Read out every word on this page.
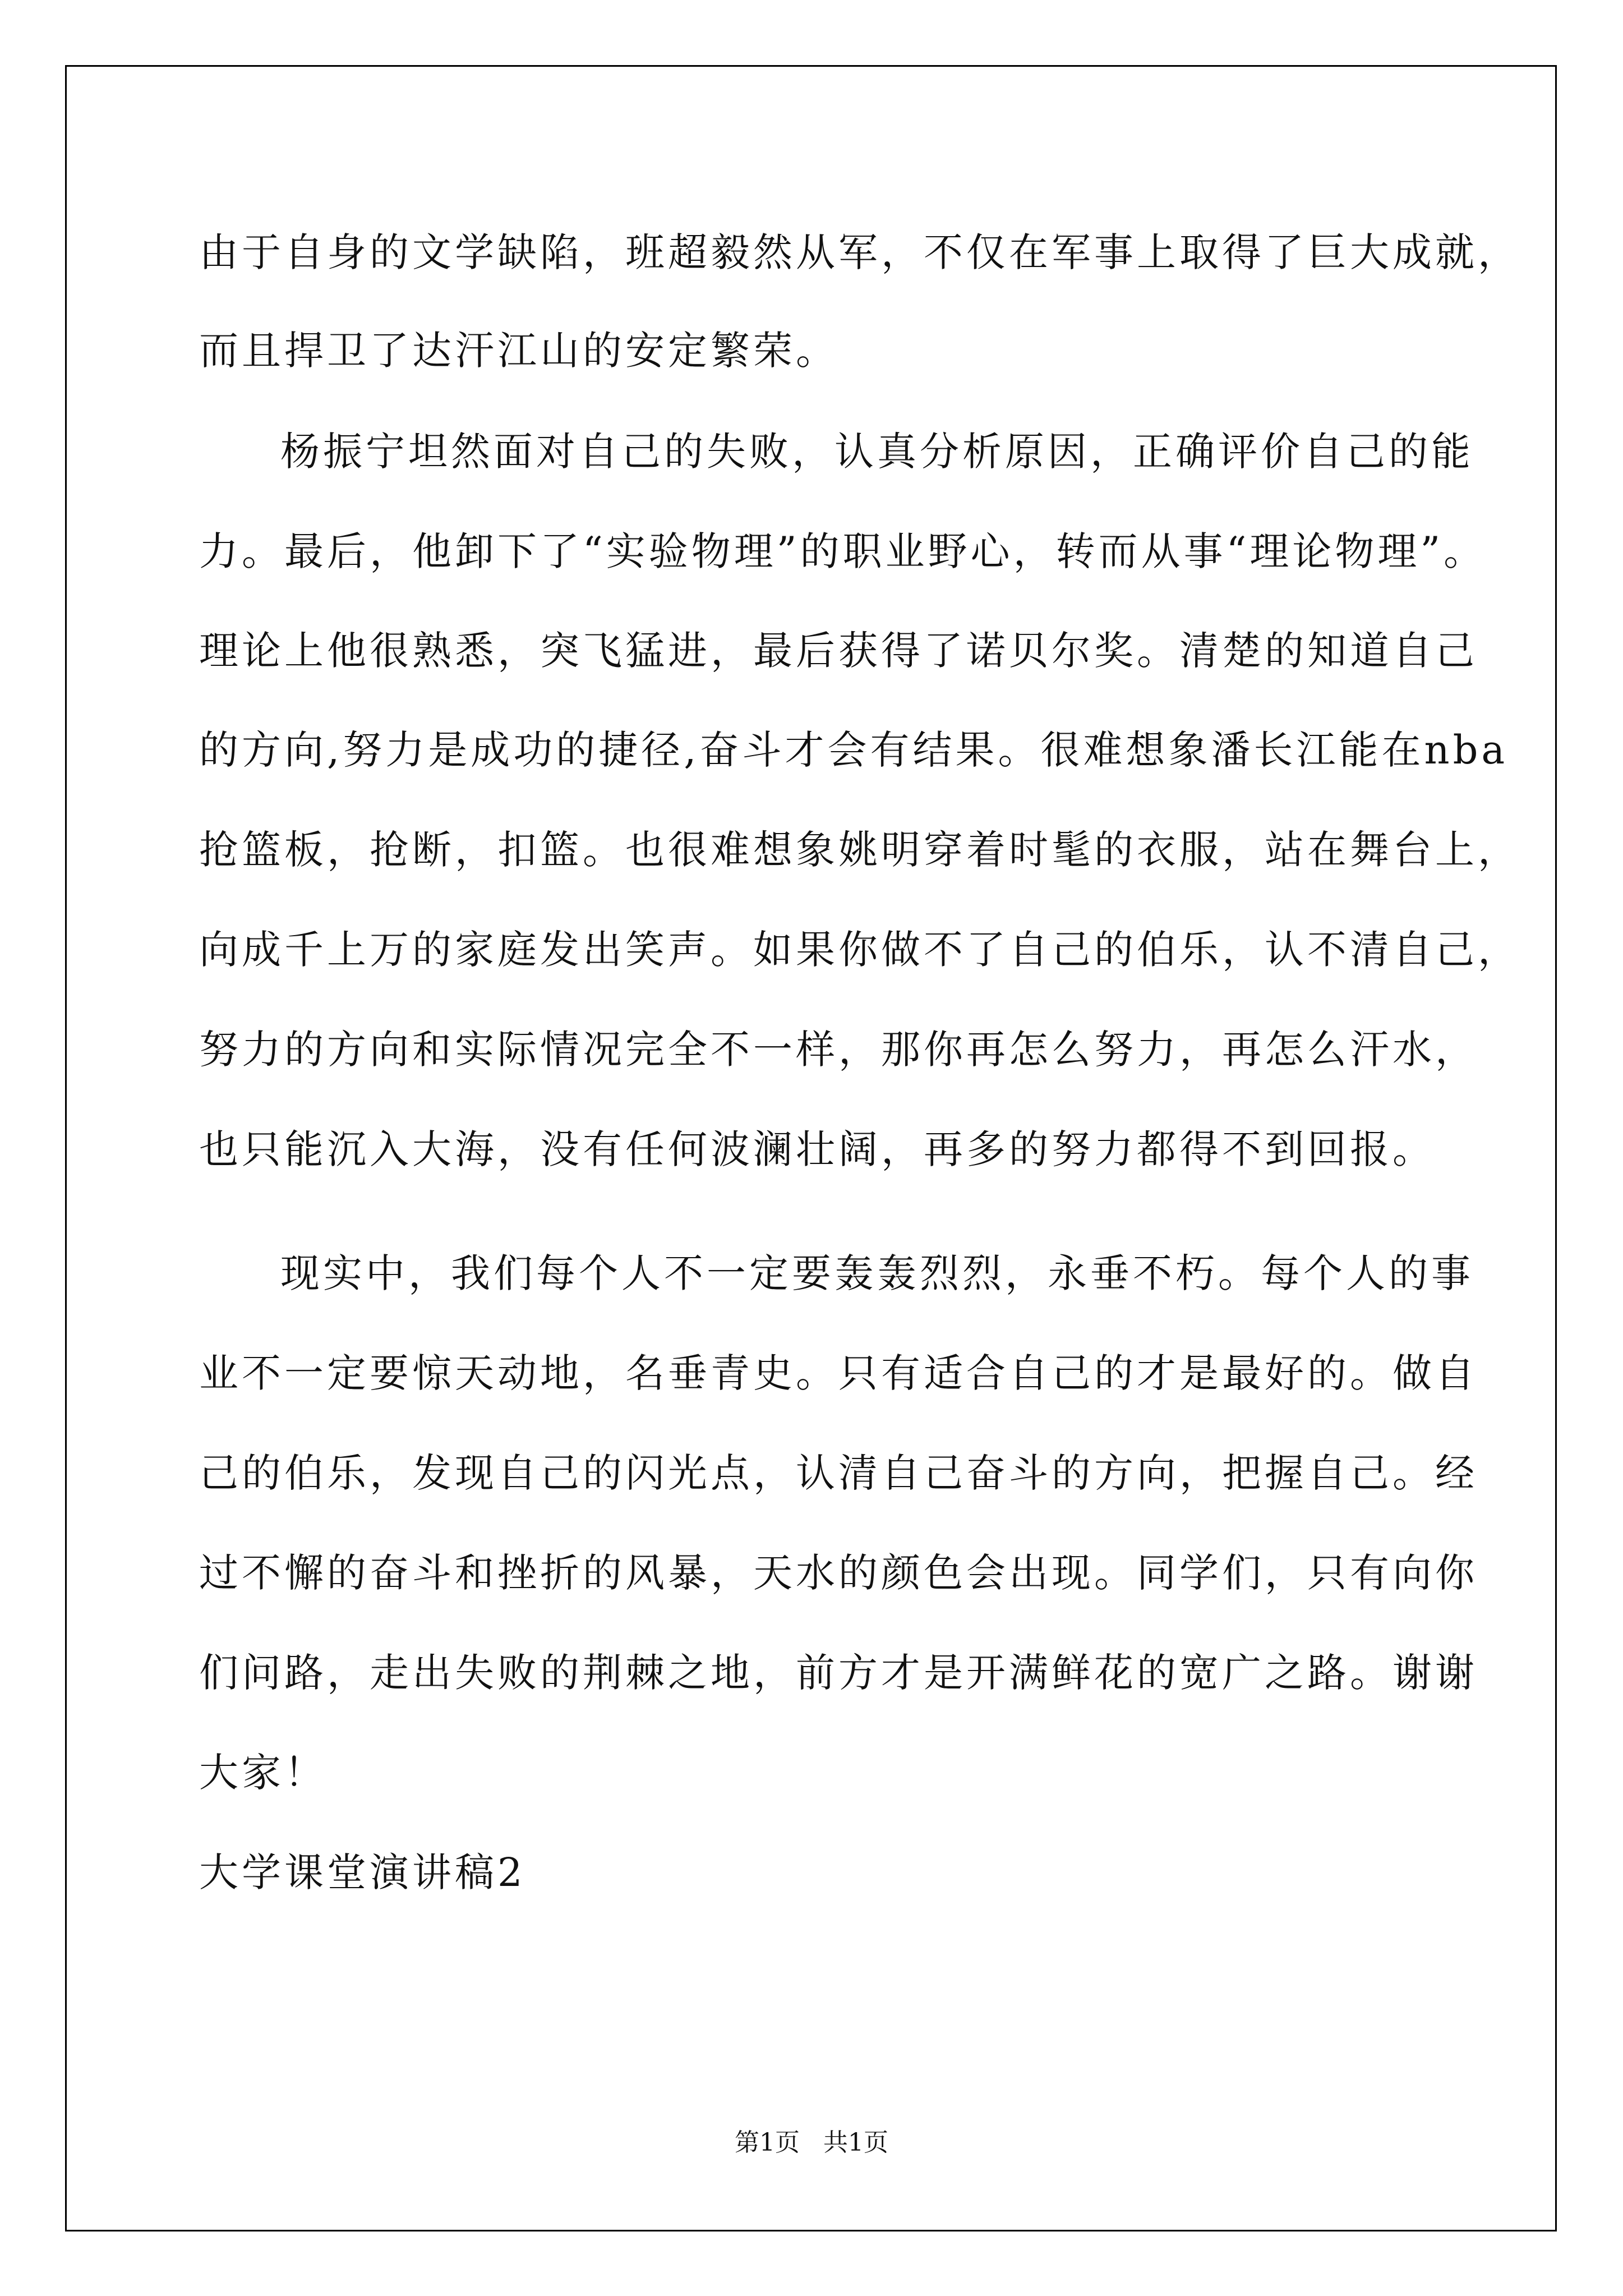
由于自身的文学缺陷，班超毅然从军，不仅在军事上取得了巨大成就，
而且捍卫了达汗江山的安定繁荣。
杨振宁坦然面对自己的失败，认真分析原因，正确评价自己的能
力。最后，他卸下了“实验物理”的职业野心，转而从事“理论物理”。
理论上他很熟悉，突飞猛进，最后获得了诺贝尔奖。清楚的知道自己
的方向,努力是成功的捷径,奋斗才会有结果。很难想象潘长江能在nba
抢篮板，抢断，扣篮。也很难想象姚明穿着时髦的衣服，站在舞台上，
向成千上万的家庭发出笑声。如果你做不了自己的伯乐，认不清自己，
努力的方向和实际情况完全不一样，那你再怎么努力，再怎么汗水，
也只能沉入大海，没有任何波澜壮阔，再多的努力都得不到回报。
现实中，我们每个人不一定要轰轰烈烈，永垂不朽。每个人的事
业不一定要惊天动地，名垂青史。只有适合自己的才是最好的。做自
己的伯乐，发现自己的闪光点，认清自己奋斗的方向，把握自己。经
过不懈的奋斗和挫折的风暴，天水的颜色会出现。同学们，只有向你
们问路，走出失败的荆棘之地，前方才是开满鲜花的宽广之路。谢谢
大家！
大学课堂演讲稿2
第1页   共1页
